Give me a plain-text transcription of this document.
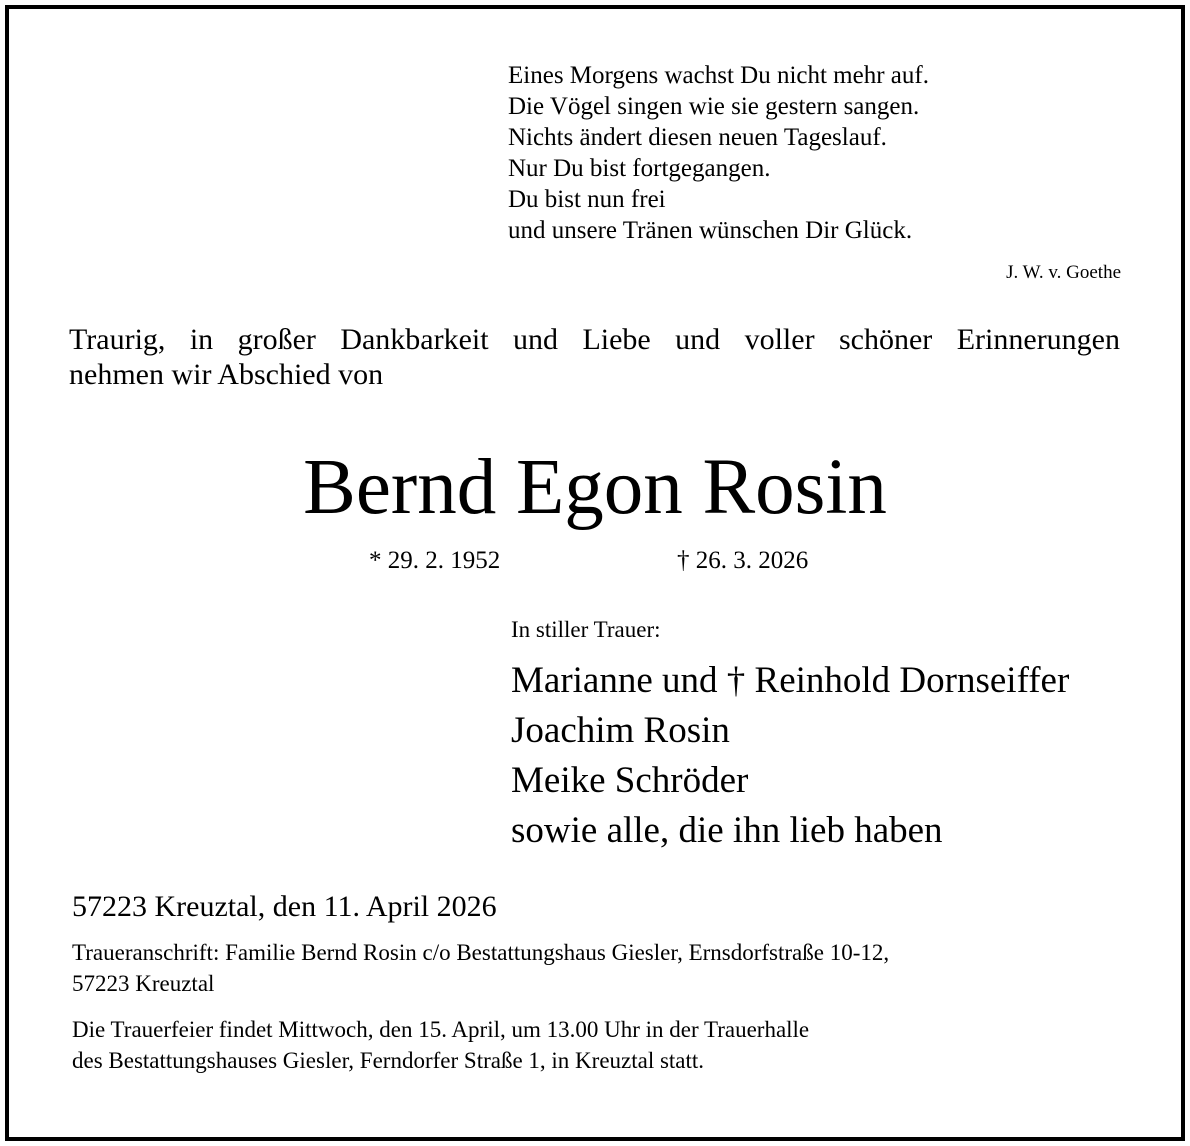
Eines Morgens wachst Du nicht mehr auf.
Die Vögel singen wie sie gestern sangen.
Nichts ändert diesen neuen Tageslauf.
Nur Du bist fortgegangen.
Du bist nun frei
und unsere Tränen wünschen Dir Glück.
J. W. v. Goethe
Traurig, in großer Dankbarkeit und Liebe und voller schöner Erinnerungen
nehmen wir Abschied von
Bernd Egon Rosin
* 29. 2. 1952	† 26. 3. 2026
In stiller Trauer:
Marianne und † Reinhold Dornseiffer
Joachim Rosin
Meike Schröder
sowie alle, die ihn lieb haben
57223 Kreuztal, den 11. April 2026
Traueranschrift: Familie Bernd Rosin c/o Bestattungshaus Giesler, Ernsdorfstraße 10-12,
57223 Kreuztal
Die Trauerfeier findet Mittwoch, den 15. April, um 13.00 Uhr in der Trauerhalle
des Bestattungshauses Giesler, Ferndorfer Straße 1, in Kreuztal statt.
